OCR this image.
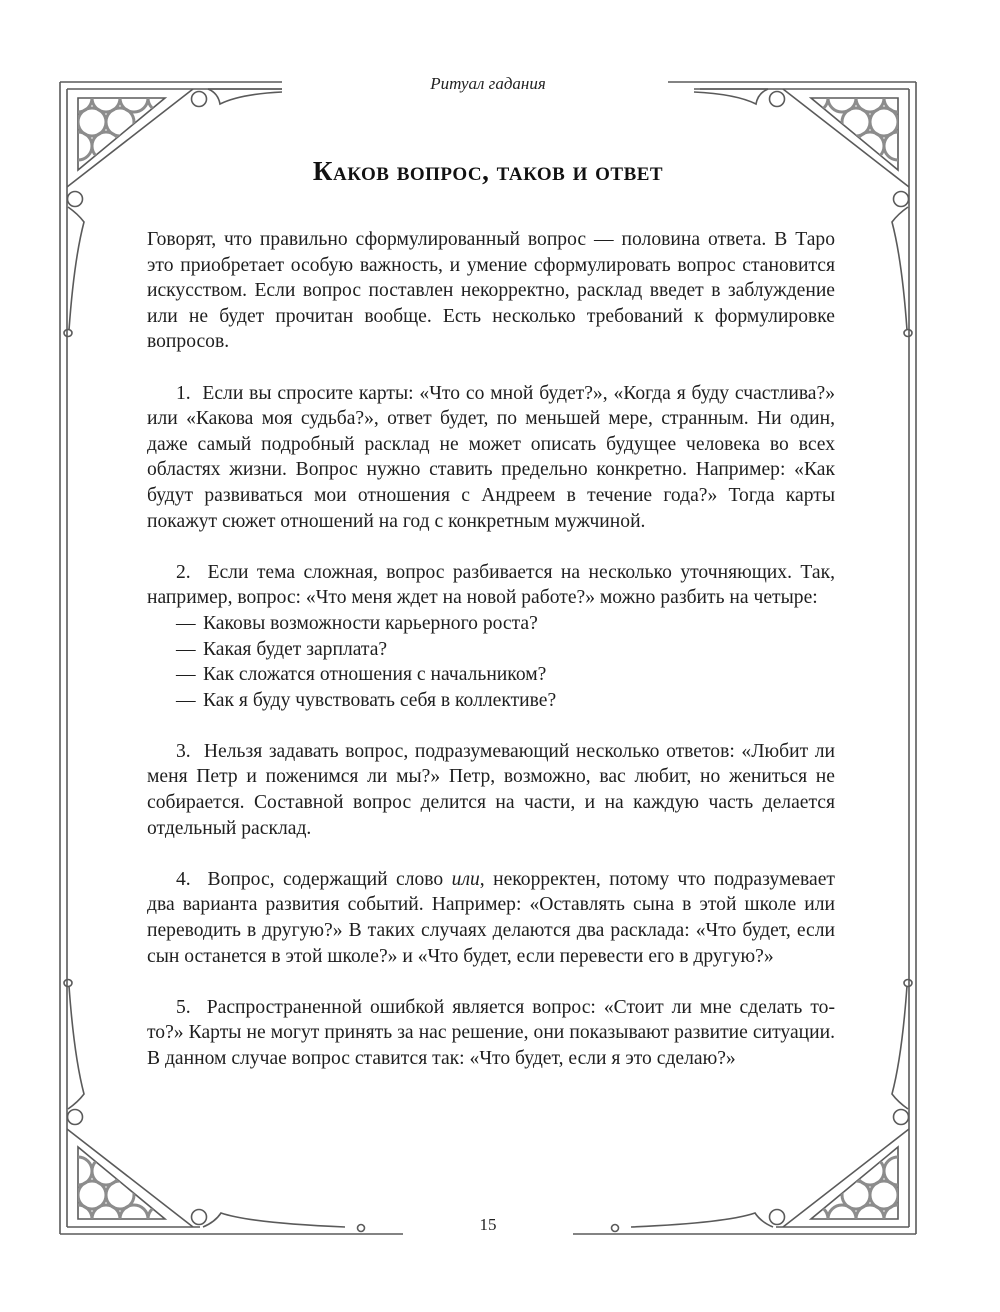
Ритуал гадания
Каков вопрос, таков и ответ

Говорят, что правильно сформулированный вопрос — половина ответа. В Таро это приобретает особую важность, и умение сформулировать вопрос становится искусством. Если вопрос поставлен некорректно, расклад введет в заблуждение или не будет прочитан вообще. Есть несколько требований к формулировке вопросов.

1. Если вы спросите карты: «Что со мной будет?», «Когда я буду счастлива?» или «Какова моя судьба?», ответ будет, по меньшей мере, странным. Ни один, даже самый подробный расклад не может описать будущее человека во всех областях жизни. Вопрос нужно ставить предельно конкретно. Например: «Как будут развиваться мои отношения с Андреем в течение года?» Тогда карты покажут сюжет отношений на год с конкретным мужчиной.

2. Если тема сложная, вопрос разбивается на несколько уточняющих. Так, например, вопрос: «Что меня ждет на новой работе?» можно разбить на четыре:

— Каковы возможности карьерного роста?
— Какая будет зарплата?
— Как сложатся отношения с начальником?
— Как я буду чувствовать себя в коллективе?

3. Нельзя задавать вопрос, подразумевающий несколько ответов: «Любит ли меня Петр и поженимся ли мы?» Петр, возможно, вас любит, но жениться не собирается. Составной вопрос делится на части, и на каждую часть делается отдельный расклад.

4. Вопрос, содержащий слово или, некорректен, потому что подразумевает два варианта развития событий. Например: «Оставлять сына в этой школе или переводить в другую?» В таких случаях делаются два расклада: «Что будет, если сын останется в этой школе?» и «Что будет, если перевести его в другую?»

5. Распространенной ошибкой является вопрос: «Стоит ли мне сделать то-то?» Карты не могут принять за нас решение, они показывают развитие ситуации. В данном случае вопрос ставится так: «Что будет, если я это сделаю?»

15
